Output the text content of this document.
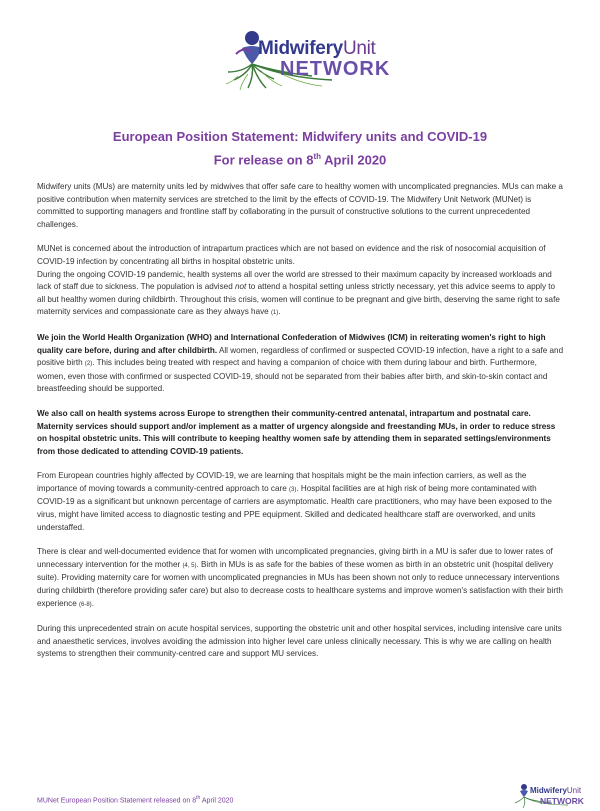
MidwiferyUnit
NETWORK
European Position Statement: Midwifery units and COVID-19
For release on 8th April 2020

Midwifery units (MUs) are maternity units led by midwives that offer safe care to healthy women with uncomplicated pregnancies. MUs can make a positive contribution when maternity services are stretched to the limit by the effects of COVID-19. The Midwifery Unit Network (MUNet) is committed to supporting managers and frontline staff by collaborating in the pursuit of constructive solutions to the current unprecedented challenges.

MUNet is concerned about the introduction of intrapartum practices which are not based on evidence and the risk of nosocomial acquisition of COVID-19 infection by concentrating all births in hospital obstetric units.

During the ongoing COVID-19 pandemic, health systems all over the world are stressed to their maximum capacity by increased workloads and lack of staff due to sickness. The population is advised not to attend a hospital setting unless strictly necessary, yet this advice seems to apply to all but healthy women during childbirth. Throughout this crisis, women will continue to be pregnant and give birth, deserving the same right to safe maternity services and compassionate care as they always have (1).

We join the World Health Organization (WHO) and International Confederation of Midwives (ICM) in reiterating women's right to high quality care before, during and after childbirth. All women, regardless of confirmed or suspected COVID-19 infection, have a right to a safe and positive birth (2). This includes being treated with respect and having a companion of choice with them during labour and birth. Furthermore, women, even those with confirmed or suspected COVID-19, should not be separated from their babies after birth, and skin-to-skin contact and breastfeeding should be supported.

We also call on health systems across Europe to strengthen their community-centred antenatal, intrapartum and postnatal care. Maternity services should support and/or implement as a matter of urgency alongside and freestanding MUs, in order to reduce stress on hospital obstetric units. This will contribute to keeping healthy women safe by attending them in separated settings/environments from those dedicated to attending COVID-19 patients.

From European countries highly affected by COVID-19, we are learning that hospitals might be the main infection carriers, as well as the importance of moving towards a community-centred approach to care (3). Hospital facilities are at high risk of being more contaminated with COVID-19 as a significant but unknown percentage of carriers are asymptomatic. Health care practitioners, who may have been exposed to the virus, might have limited access to diagnostic testing and PPE equipment. Skilled and dedicated healthcare staff are overworked, and units understaffed.

There is clear and well-documented evidence that for women with uncomplicated pregnancies, giving birth in a MU is safer due to lower rates of unnecessary intervention for the mother (4, 5). Birth in MUs is as safe for the babies of these women as birth in an obstetric unit (hospital delivery suite). Providing maternity care for women with uncomplicated pregnancies in MUs has been shown not only to reduce unnecessary interventions during childbirth (therefore providing safer care) but also to decrease costs to healthcare systems and improve women's satisfaction with their birth experience (6-8).

During this unprecedented strain on acute hospital services, supporting the obstetric unit and other hospital services, including intensive care units and anaesthetic services, involves avoiding the admission into higher level care unless clinically necessary. This is why we are calling on health systems to strengthen their community-centred care and support MU services.

MUNet European Position Statement released on 8th April 2020
MidwiferyUnit
NETWORK
